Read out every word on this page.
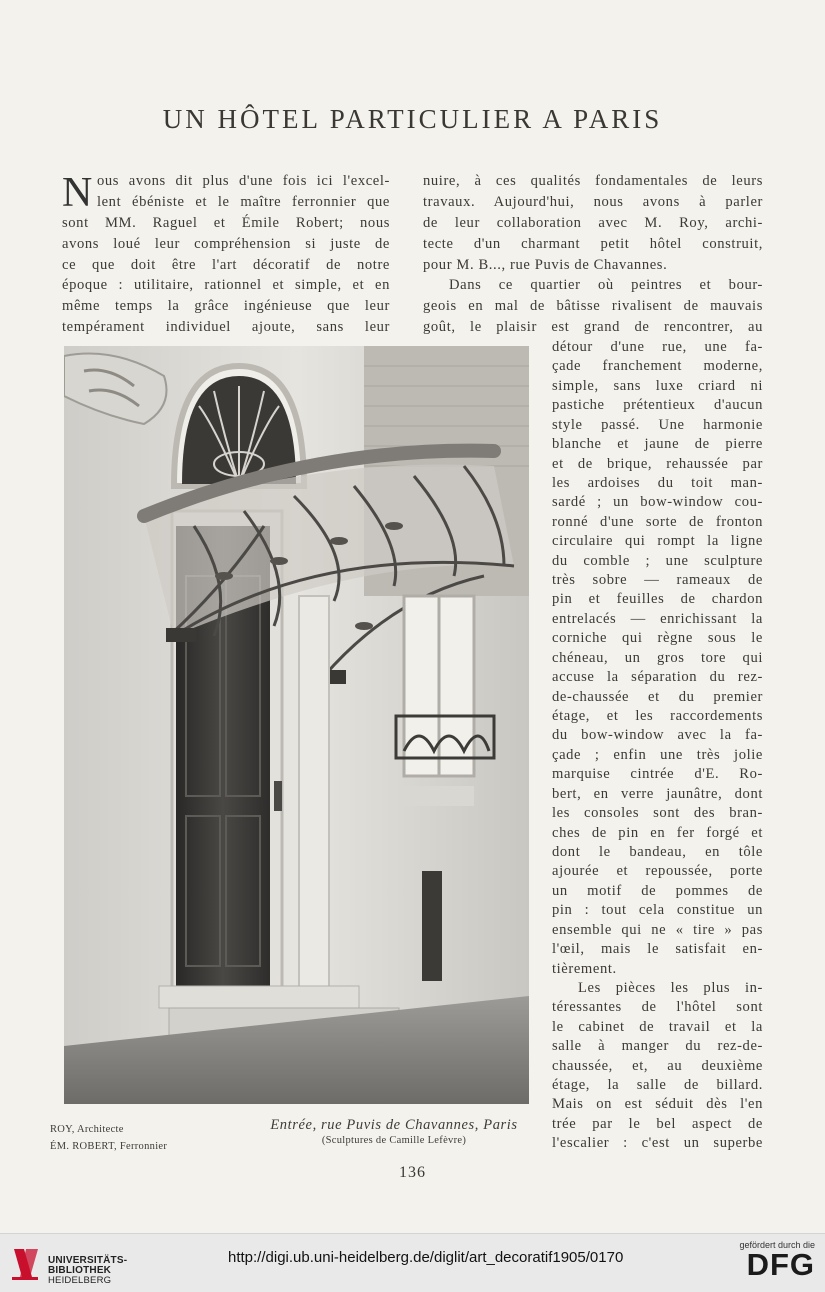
UN HÔTEL PARTICULIER A PARIS
N ous avons dit plus d'une fois ici l'excel-
lent ébéniste et le maître ferronnier que
sont MM. Raguel et Émile Robert; nous
avons loué leur compréhension si juste de
ce que doit être l'art décoratif de notre
époque : utilitaire, rationnel et simple, et en
même temps la grâce ingénieuse que leur
tempérament individuel ajoute, sans leur
nuire, à ces qualités fondamentales de leurs
travaux. Aujourd'hui, nous avons à parler
de leur collaboration avec M. Roy, archi-
tecte d'un charmant petit hôtel construit,
pour M. B..., rue Puvis de Chavannes.
Dans ce quartier où peintres et bour-
geois en mal de bâtisse rivalisent de mauvais
goût, le plaisir est grand de rencontrer, au
détour d'une rue, une fa-
çade franchement moderne,
simple, sans luxe criard ni
pastiche prétentieux d'aucun
style passé. Une harmonie
blanche et jaune de pierre
et de brique, rehaussée par
les ardoises du toit man-
sardé ; un bow-window cou-
ronné d'une sorte de fronton
circulaire qui rompt la ligne
du comble ; une sculpture
très sobre — rameaux de
pin et feuilles de chardon
entrelacés — enrichissant la
corniche qui règne sous le
chéneau, un gros tore qui
accuse la séparation du rez-
de-chaussée et du premier
étage, et les raccordements
du bow-window avec la fa-
çade ; enfin une très jolie
marquise cintrée d'E. Ro-
bert, en verre jaunâtre, dont
les consoles sont des bran-
ches de pin en fer forgé et
dont le bandeau, en tôle
ajourée et repoussée, porte
un motif de pommes de
pin : tout cela constitue un
ensemble qui ne « tire » pas
l'œil, mais le satisfait en-
tièrement.
Les pièces les plus in-
téressantes de l'hôtel sont
le cabinet de travail et la
salle à manger du rez-de-
chaussée, et, au deuxième
étage, la salle de billard.
Mais on est séduit dès l'en
trée par le bel aspect de
l'escalier : c'est un superbe
ROY, Architecte
ÉM. ROBERT, Ferronnier
Entrée, rue Puvis de Chavannes, Paris
(Sculptures de Camille Lefèvre)
136
UNIVERSITÄTS-
BIBLIOTHEK
HEIDELBERG
http://digi.ub.uni-heidelberg.de/diglit/art_decoratif1905/0170
gefördert durch die
DFG
